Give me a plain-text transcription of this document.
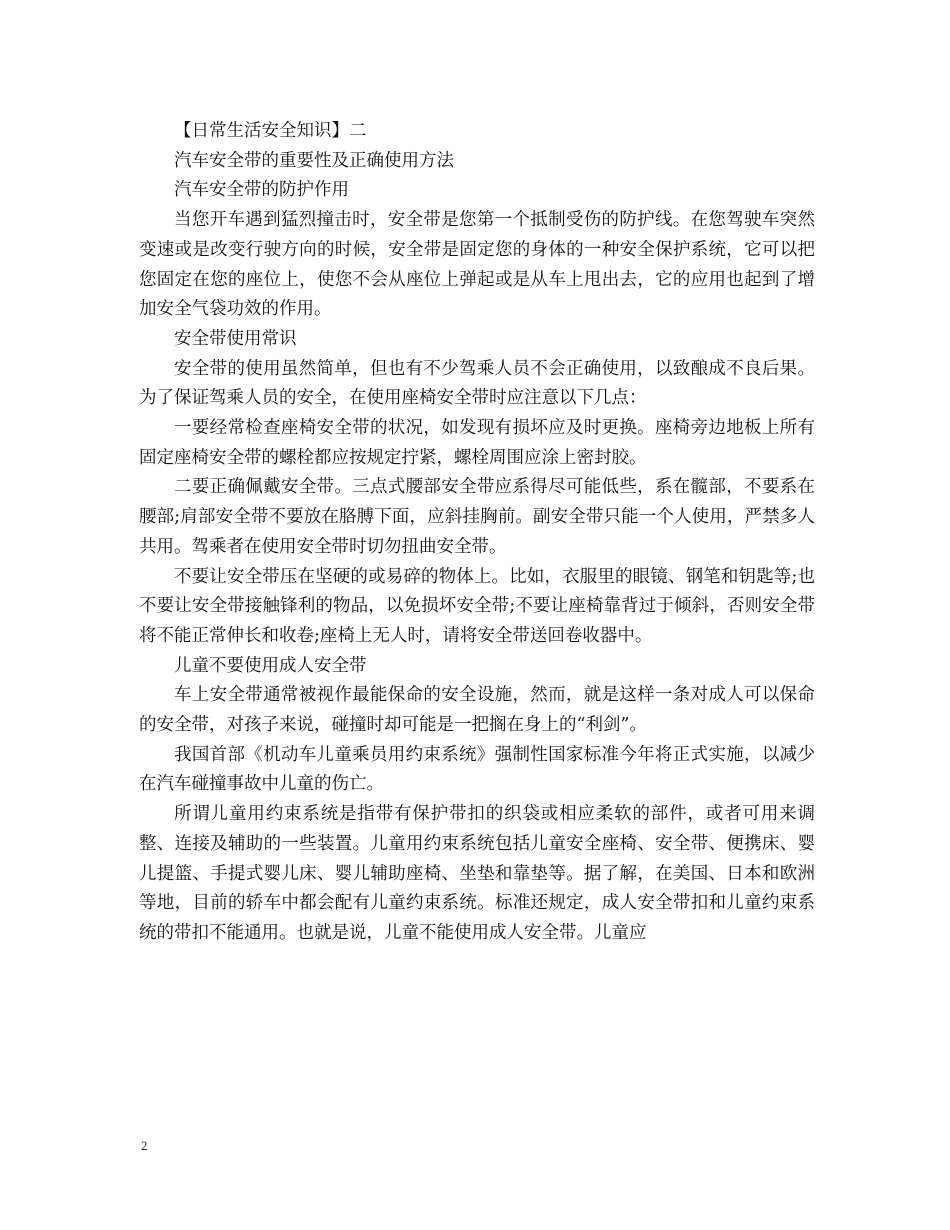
【日常生活安全知识】二

汽车安全带的重要性及正确使用方法

汽车安全带的防护作用

当您开车遇到猛烈撞击时，安全带是您第一个抵制受伤的防护线。在您驾驶车突然变速或是改变行驶方向的时候，安全带是固定您的身体的一种安全保护系统，它可以把您固定在您的座位上，使您不会从座位上弹起或是从车上甩出去，它的应用也起到了增加安全气袋功效的作用。

安全带使用常识

安全带的使用虽然简单，但也有不少驾乘人员不会正确使用，以致酿成不良后果。为了保证驾乘人员的安全，在使用座椅安全带时应注意以下几点：

一要经常检查座椅安全带的状况，如发现有损坏应及时更换。座椅旁边地板上所有固定座椅安全带的螺栓都应按规定拧紧，螺栓周围应涂上密封胶。

二要正确佩戴安全带。三点式腰部安全带应系得尽可能低些，系在髋部，不要系在腰部;肩部安全带不要放在胳膊下面，应斜挂胸前。副安全带只能一个人使用，严禁多人共用。驾乘者在使用安全带时切勿扭曲安全带。

不要让安全带压在坚硬的或易碎的物体上。比如，衣服里的眼镜、钢笔和钥匙等;也不要让安全带接触锋利的物品，以免损坏安全带;不要让座椅靠背过于倾斜，否则安全带将不能正常伸长和收卷;座椅上无人时，请将安全带送回卷收器中。

儿童不要使用成人安全带

车上安全带通常被视作最能保命的安全设施，然而，就是这样一条对成人可以保命的安全带，对孩子来说，碰撞时却可能是一把搁在身上的“利剑”。

我国首部《机动车儿童乘员用约束系统》强制性国家标准今年将正式实施，以减少在汽车碰撞事故中儿童的伤亡。

所谓儿童用约束系统是指带有保护带扣的织袋或相应柔软的部件，或者可用来调整、连接及辅助的一些装置。儿童用约束系统包括儿童安全座椅、安全带、便携床、婴儿提篮、手提式婴儿床、婴儿辅助座椅、坐垫和靠垫等。据了解，在美国、日本和欧洲等地，目前的轿车中都会配有儿童约束系统。标准还规定，成人安全带扣和儿童约束系统的带扣不能通用。也就是说，儿童不能使用成人安全带。儿童应

2
